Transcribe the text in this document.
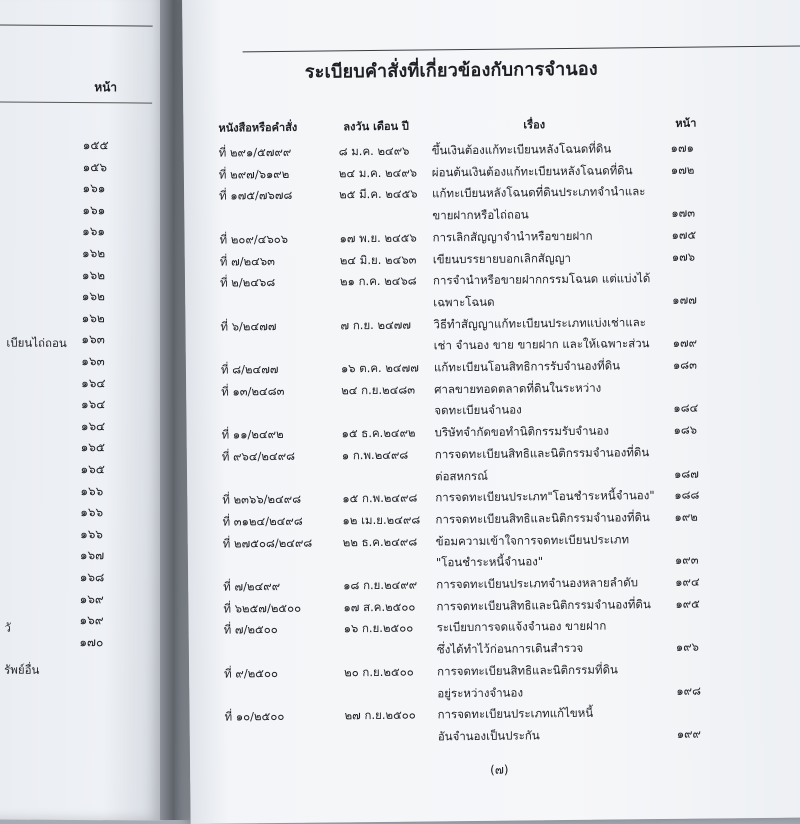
หน้า
๑๕๕
๑๕๖
๑๖๑
๑๖๑
๑๖๑
๑๖๒
๑๖๒
๑๖๒
๑๖๒
๑๖๓
๑๖๓
๑๖๔
๑๖๔
๑๖๔
๑๖๕
๑๖๕
๑๖๖
๑๖๖
๑๖๖
๑๖๗
๑๖๘
๑๖๙
๑๖๙
๑๗๐
เบียนไถ่ถอน
วั
รัพย์อื่น
ระเบียบคำสั่งที่เกี่ยวข้องกับการจำนอง
หนังสือหรือคำสั่ง	ลงวัน เดือน ปี	เรื่อง	หน้า
ที่ ๒๙๑/๕๗๙๙	๘ ม.ค. ๒๔๙๖ ขึ้นเงินต้องแก้ทะเบียนหลังโฉนดที่ดิน	๑๗๑
ที่ ๒๙๗/๖๑๙๒	๒๔ ม.ค. ๒๔๙๖ ผ่อนต้นเงินต้องแก้ทะเบียนหลังโฉนดที่ดิน	๑๗๒
ที่ ๑๗๕/๗๖๗๘	๒๕ มี.ค. ๒๔๕๖ แก้ทะเบียนหลังโฉนดที่ดินประเภทจำนำและ
ขายฝากหรือไถ่ถอน	๑๗๓
ที่ ๒๐๙/๔๖๐๖	๑๗ พ.ย. ๒๔๕๖ การเลิกสัญญาจำนำหรือขายฝาก	๑๗๕
ที่ ๗/๒๔๖๓	๒๔ มิ.ย. ๒๔๖๓ เขียนบรรยายบอกเลิกสัญญา	๑๗๖
ที่ ๒/๒๔๖๘	๒๑ ก.ค. ๒๔๖๘ การจำนำหรือขายฝากกรรมโฉนด แต่แบ่งได้
เฉพาะโฉนด	๑๗๗
ที่ ๖/๒๔๗๗	๗ ก.ย. ๒๔๗๗ วิธีทำสัญญาแก้ทะเบียนประเภทแบ่งเช่าและ
เช่า จำนอง ขาย ขายฝาก และให้เฉพาะส่วน ๑๗๙
ที่ ๘/๒๔๗๗	๑๖ ต.ค. ๒๔๗๗ แก้ทะเบียนโอนสิทธิการรับจำนองที่ดิน	๑๘๓
ที่ ๑๓/๒๔๘๓	๒๔ ก.ย.๒๔๘๓ ศาลขายทอดตลาดที่ดินในระหว่าง
จดทะเบียนจำนอง	๑๘๔
ที่ ๑๑/๒๔๙๒	๑๕ ธ.ค.๒๔๙๒ บริษัทจำกัดขอทำนิติกรรมรับจำนอง	๑๘๖
ที่ ๙๖๔/๒๔๙๘	๑ ก.พ.๒๔๙๘ การจดทะเบียนสิทธิและนิติกรรมจำนองที่ดิน
ต่อสหกรณ์	๑๘๗
ที่ ๒๓๖๖/๒๔๙๘	๑๕ ก.พ.๒๔๙๘ การจดทะเบียนประเภท"โอนชำระหนี้จำนอง" ๑๘๘
ที่ ๓๑๒๔/๒๔๙๘	๑๒ เม.ย.๒๔๙๘ การจดทะเบียนสิทธิและนิติกรรมจำนองที่ดิน ๑๙๒
ที่ ๒๗๕๐๘/๒๔๙๘	๒๒ ธ.ค.๒๔๙๘ ข้อมความเข้าใจการจดทะเบียนประเภท
"โอนชำระหนี้จำนอง"	๑๙๓
ที่ ๗/๒๔๙๙	๑๘ ก.ย.๒๔๙๙ การจดทะเบียนประเภทจำนองหลายลำดับ	๑๙๔
ที่ ๖๒๕๗/๒๕๐๐	๑๗ ส.ค.๒๕๐๐ การจดทะเบียนสิทธิและนิติกรรมจำนองที่ดิน ๑๙๕
ที่ ๗/๒๕๐๐	๑๖ ก.ย.๒๕๐๐ ระเบียบการจดแจ้งจำนอง ขายฝาก
ซึ่งได้ทำไว้ก่อนการเดินสำรวจ	๑๙๖
ที่ ๙/๒๕๐๐	๒๐ ก.ย.๒๕๐๐ การจดทะเบียนสิทธิและนิติกรรมที่ดิน
อยู่ระหว่างจำนอง	๑๙๘
ที่ ๑๐/๒๕๐๐	๒๗ ก.ย.๒๕๐๐ การจดทะเบียนประเภทแก้ไขหนี้
อันจำนองเป็นประกัน	๑๙๙
(๗)
